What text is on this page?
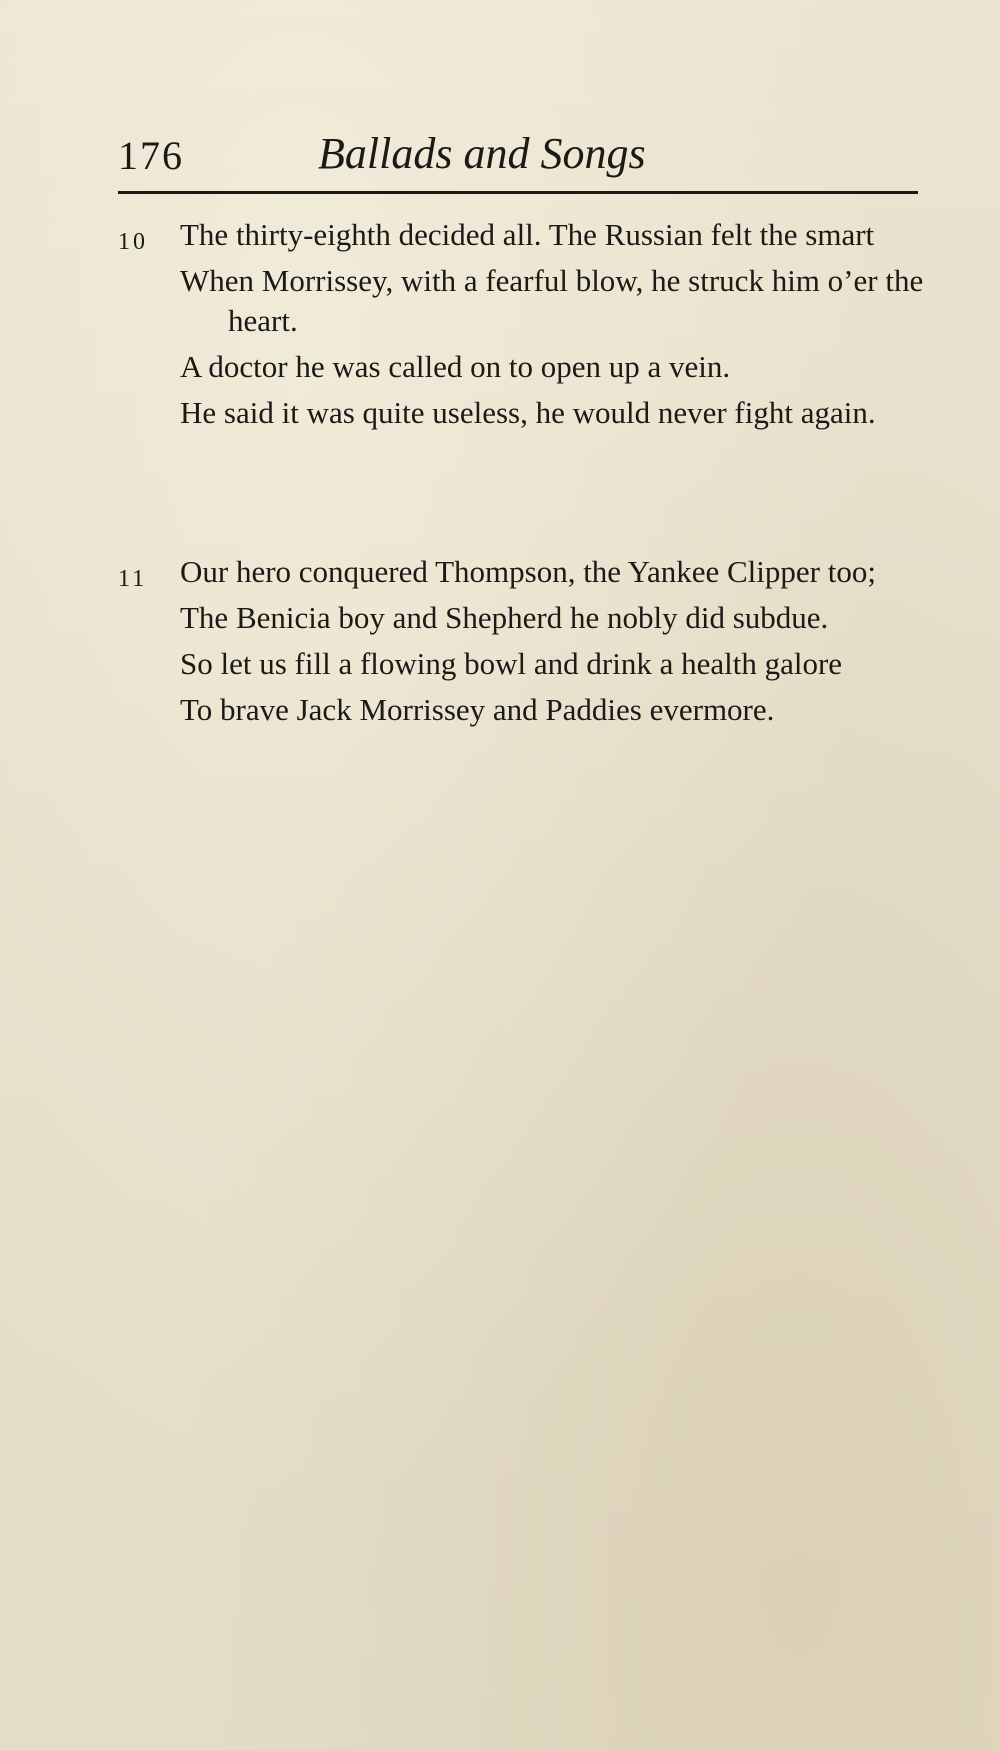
176	Ballads and Songs
10 The thirty-eighth decided all. The Russian felt the smart

When Morrissey, with a fearful blow, he struck him o’er the heart.

A doctor he was called on to open up a vein.

He said it was quite useless, he would never fight again.

11 Our hero conquered Thompson, the Yankee Clipper too;

The Benicia boy and Shepherd he nobly did subdue.

So let us fill a flowing bowl and drink a health galore

To brave Jack Morrissey and Paddies evermore.
